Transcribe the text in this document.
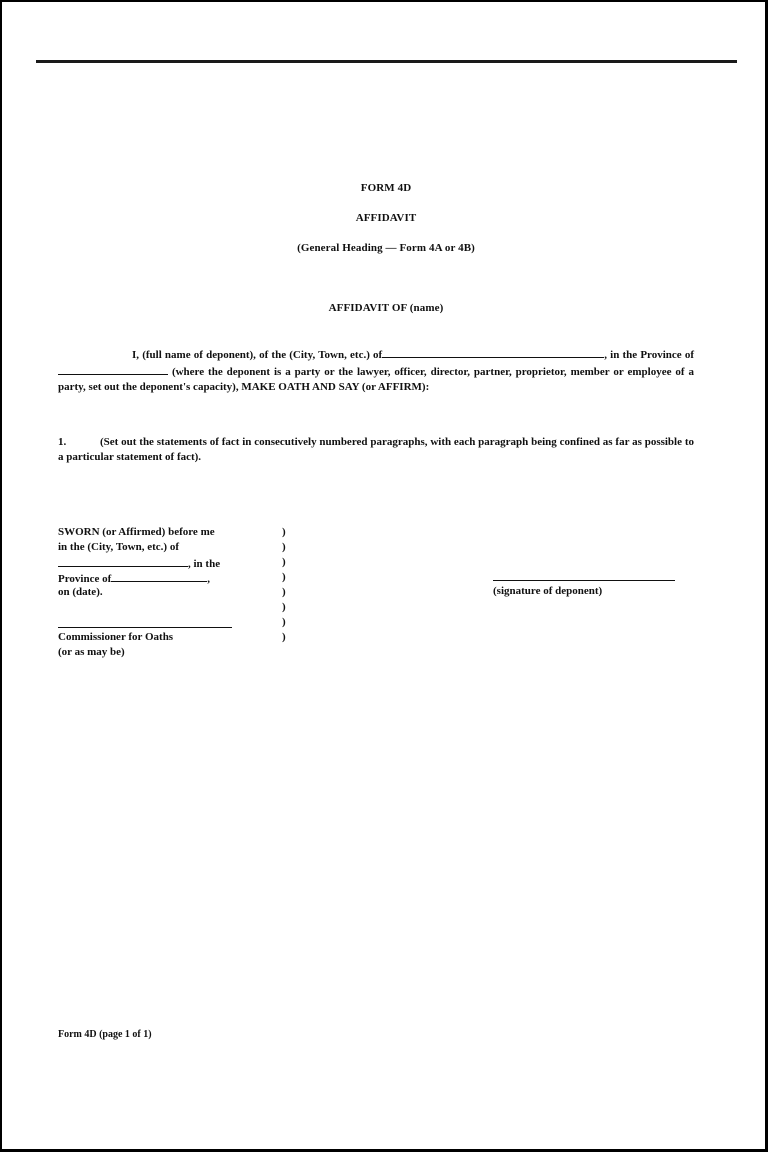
FORM 4D
AFFIDAVIT
(General Heading — Form 4A or 4B)
AFFIDAVIT OF (name)
I, (full name of deponent), of the (City, Town, etc.) of	, in the Province of (where the deponent is a party or the lawyer, officer, director, partner, proprietor, member or employee of a party, set out the deponent's capacity), MAKE OATH AND SAY (or AFFIRM):
1.	(Set out the statements of fact in consecutively numbered paragraphs, with each paragraph being confined as far as possible to a particular statement of fact).
SWORN (or Affirmed) before me
in the (City, Town, etc.) of
, in the
Province of	,
on (date).
Commissioner for Oaths
(or as may be)
)
)
)
)
)
)
)
)
(signature of deponent)
Form 4D (page 1 of 1)
